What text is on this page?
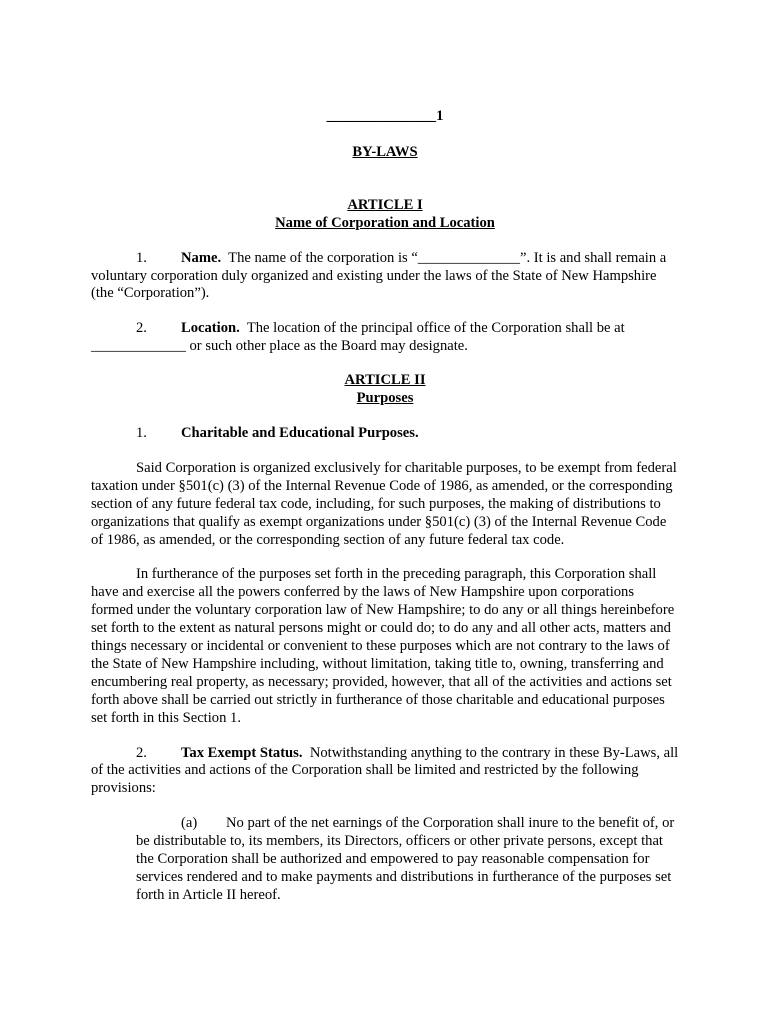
_______________1

BY-LAWS

ARTICLE I

Name of Corporation and Location

1. Name. The name of the corporation is “______________”. It is and shall remain a voluntary corporation duly organized and existing under the laws of the State of New Hampshire (the “Corporation”).

2. Location. The location of the principal office of the Corporation shall be at _____________ or such other place as the Board may designate.

ARTICLE II

Purposes

1. Charitable and Educational Purposes.

Said Corporation is organized exclusively for charitable purposes, to be exempt from federal taxation under §501(c) (3) of the Internal Revenue Code of 1986, as amended, or the corresponding section of any future federal tax code, including, for such purposes, the making of distributions to organizations that qualify as exempt organizations under §501(c) (3) of the Internal Revenue Code of 1986, as amended, or the corresponding section of any future federal tax code.

In furtherance of the purposes set forth in the preceding paragraph, this Corporation shall have and exercise all the powers conferred by the laws of New Hampshire upon corporations formed under the voluntary corporation law of New Hampshire; to do any or all things hereinbefore set forth to the extent as natural persons might or could do; to do any and all other acts, matters and things necessary or incidental or convenient to these purposes which are not contrary to the laws of the State of New Hampshire including, without limitation, taking title to, owning, transferring and encumbering real property, as necessary; provided, however, that all of the activities and actions set forth above shall be carried out strictly in furtherance of those charitable and educational purposes set forth in this Section 1.

2. Tax Exempt Status. Notwithstanding anything to the contrary in these By-Laws, all of the activities and actions of the Corporation shall be limited and restricted by the following provisions:

(a) No part of the net earnings of the Corporation shall inure to the benefit of, or be distributable to, its members, its Directors, officers or other private persons, except that the Corporation shall be authorized and empowered to pay reasonable compensation for services rendered and to make payments and distributions in furtherance of the purposes set forth in Article II hereof.
